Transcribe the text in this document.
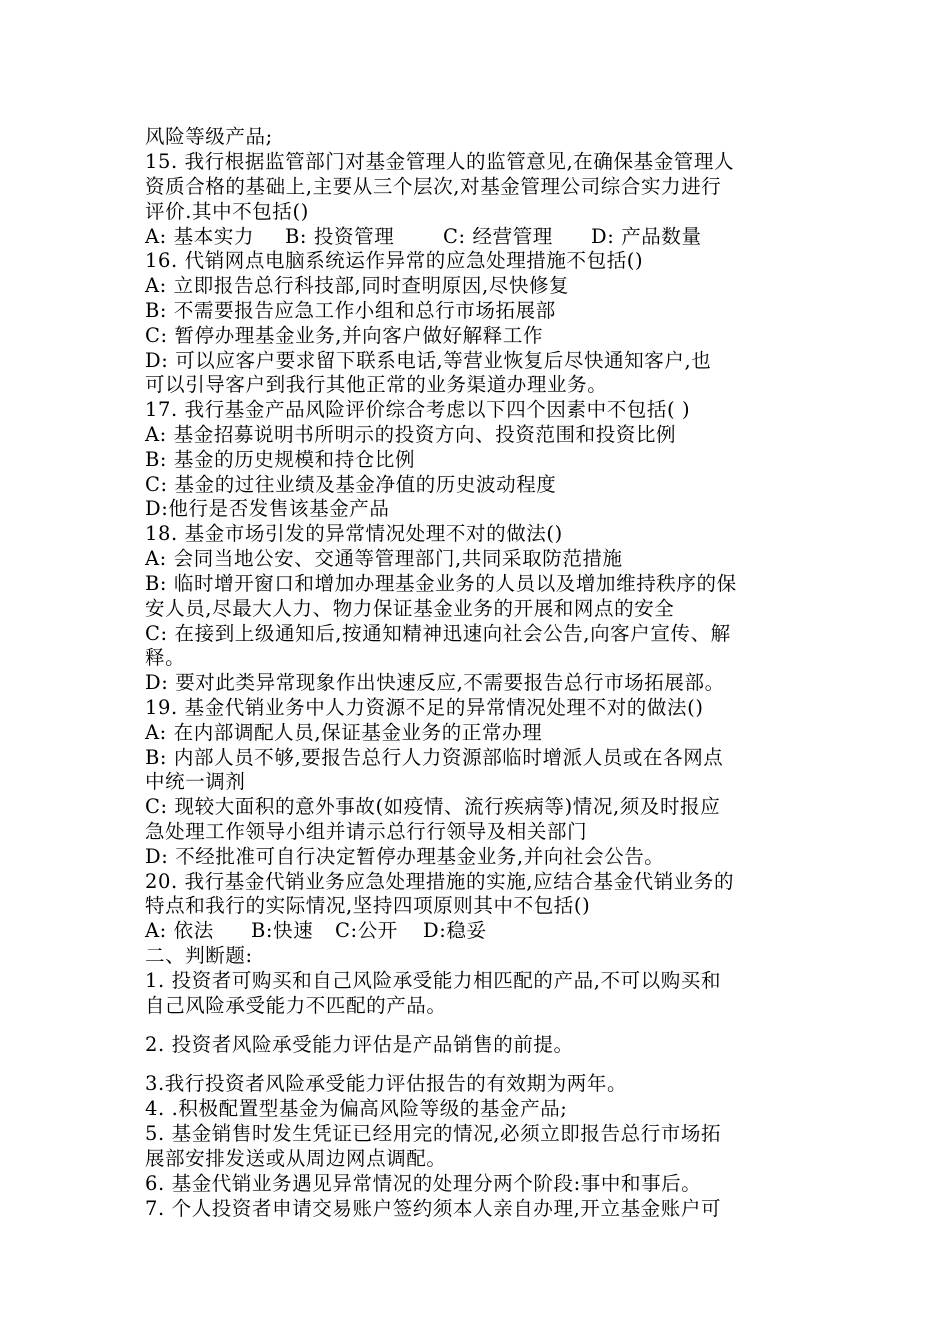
风险等级产品;
15. 我行根据监管部门对基金管理人的监管意见,在确保基金管理人
资质合格的基础上,主要从三个层次,对基金管理公司综合实力进行
评价.其中不包括()
A: 基本实力 B: 投资管理 C: 经营管理 D: 产品数量
16. 代销网点电脑系统运作异常的应急处理措施不包括()
A: 立即报告总行科技部,同时查明原因,尽快修复
B: 不需要报告应急工作小组和总行市场拓展部
C: 暂停办理基金业务,并向客户做好解释工作
D: 可以应客户要求留下联系电话,等营业恢复后尽快通知客户,也
可以引导客户到我行其他正常的业务渠道办理业务。
17. 我行基金产品风险评价综合考虑以下四个因素中不包括( )
A: 基金招募说明书所明示的投资方向、投资范围和投资比例
B: 基金的历史规模和持仓比例
C: 基金的过往业绩及基金净值的历史波动程度
D:他行是否发售该基金产品
18. 基金市场引发的异常情况处理不对的做法()
A: 会同当地公安、交通等管理部门,共同采取防范措施
B: 临时增开窗口和增加办理基金业务的人员以及增加维持秩序的保
安人员,尽最大人力、物力保证基金业务的开展和网点的安全
C: 在接到上级通知后,按通知精神迅速向社会公告,向客户宣传、解
释。
D: 要对此类异常现象作出快速反应,不需要报告总行市场拓展部。
19. 基金代销业务中人力资源不足的异常情况处理不对的做法()
A: 在内部调配人员,保证基金业务的正常办理
B: 内部人员不够,要报告总行人力资源部临时增派人员或在各网点
中统一调剂
C: 现较大面积的意外事故(如疫情、流行疾病等)情况,须及时报应
急处理工作领导小组并请示总行行领导及相关部门
D: 不经批准可自行决定暂停办理基金业务,并向社会公告。
20. 我行基金代销业务应急处理措施的实施,应结合基金代销业务的
特点和我行的实际情况,坚持四项原则其中不包括()
A: 依法 B:快速 C:公开 D:稳妥
二、判断题:
1. 投资者可购买和自己风险承受能力相匹配的产品,不可以购买和
自己风险承受能力不匹配的产品。
2. 投资者风险承受能力评估是产品销售的前提。
3.我行投资者风险承受能力评估报告的有效期为两年。
4. .积极配置型基金为偏高风险等级的基金产品;
5. 基金销售时发生凭证已经用完的情况,必须立即报告总行市场拓
展部安排发送或从周边网点调配。
6. 基金代销业务遇见异常情况的处理分两个阶段:事中和事后。
7. 个人投资者申请交易账户签约须本人亲自办理,开立基金账户可
